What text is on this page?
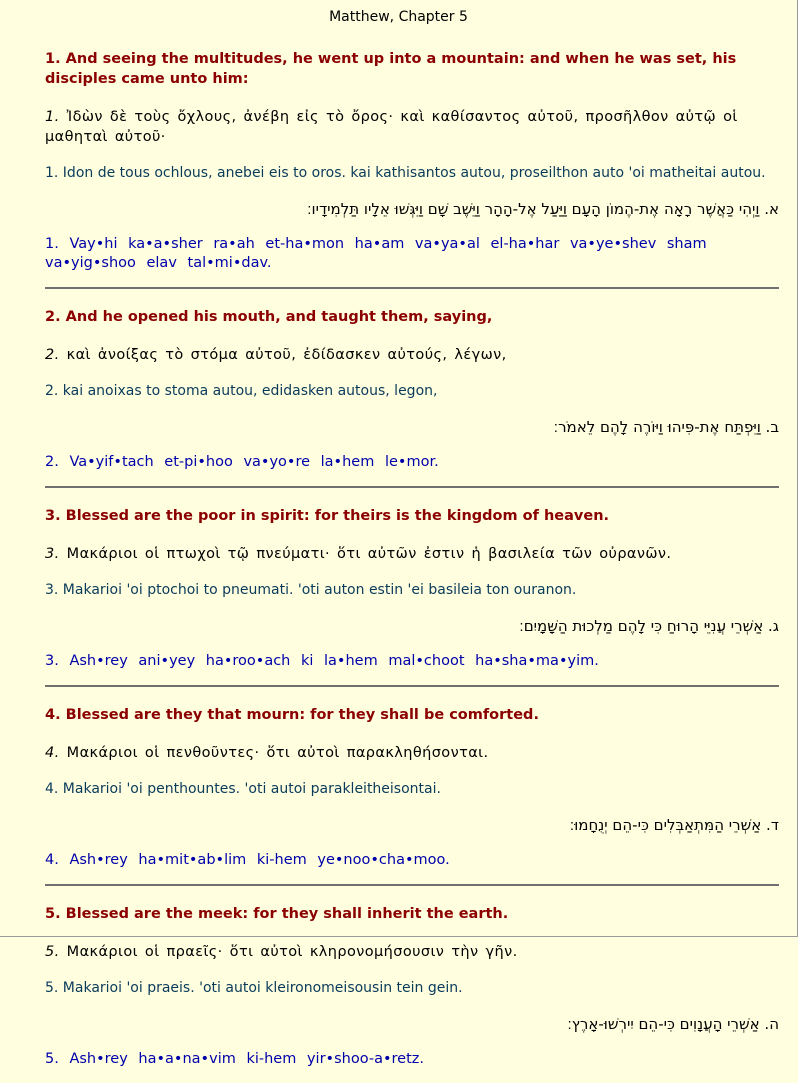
Matthew, Chapter 5

1. And seeing the multitudes, he went up into a mountain: and when he was set, his disciples came unto him:

1. Ἰδὼν δὲ τοὺς ὄχλους, ἀνέβη εἰς τὸ ὄρος· καὶ καθίσαντος αὐτοῦ, προσῆλθον αὐτῷ οἱ μαθηταὶ αὐτοῦ·

1. Idon de tous ochlous, anebei eis to oros. kai kathisantos autou, proseilthon auto 'oi matheitai autou.

א. וַיְהִי כַּאֲשֶׁר רָאָה אֶת-הֶמוֹן הָעָם וַיַּעַל אֶל-הָהָר וַיֵּשֶׁב שָׁם וַיִּגְּשׁוּ אֵלָיו תַּלְמִידָיו׃

1. Vay•hi ka•a•sher ra•ah et-ha•mon ha•am va•ya•al el-ha•har va•ye•shev sham va•yig•shoo elav tal•mi•dav.

2. And he opened his mouth, and taught them, saying,

2. καὶ ἀνοίξας τὸ στόμα αὐτοῦ, ἐδίδασκεν αὐτούς, λέγων,

2. kai anoixas to stoma autou, edidasken autous, legon,

ב. וַיִּפְתַּח אֶת-פִּיהוּ וַיּוֹרֶה לָהֶם לֵאמֹר׃

2. Va•yif•tach et-pi•hoo va•yo•re la•hem le•mor.

3. Blessed are the poor in spirit: for theirs is the kingdom of heaven.

3. Μακάριοι οἱ πτωχοὶ τῷ πνεύματι· ὅτι αὐτῶν ἐστιν ἡ βασιλεία τῶν οὐρανῶν.

3. Makarioi 'oi ptochoi to pneumati. 'oti auton estin 'ei basileia ton ouranon.

ג. אַשְׁרֵי עֲנִיֵּי הָרוּחַ כִּי לָהֶם מַלְכוּת הַשָּׁמָיִם׃

3. Ash•rey ani•yey ha•roo•ach ki la•hem mal•choot ha•sha•ma•yim.

4. Blessed are they that mourn: for they shall be comforted.

4. Μακάριοι οἱ πενθοῦντες· ὅτι αὐτοὶ παρακληθήσονται.

4. Makarioi 'oi penthountes. 'oti autoi parakleitheisontai.

ד. אַשְׁרֵי הַמִּתְאַבְּלִים כִּי-הֵם יְנֻחָמוּ׃

4. Ash•rey ha•mit•ab•lim ki-hem ye•noo•cha•moo.

5. Blessed are the meek: for they shall inherit the earth.

5. Μακάριοι οἱ πραεῖς· ὅτι αὐτοὶ κληρονομήσουσιν τὴν γῆν.

5. Makarioi 'oi praeis. 'oti autoi kleironomeisousin tein gein.

ה. אַשְׁרֵי הָעֲנָוִים כִּי-הֵם יִירְשׁוּ-אָרֶץ׃

5. Ash•rey ha•a•na•vim ki-hem yir•shoo-a•retz.
